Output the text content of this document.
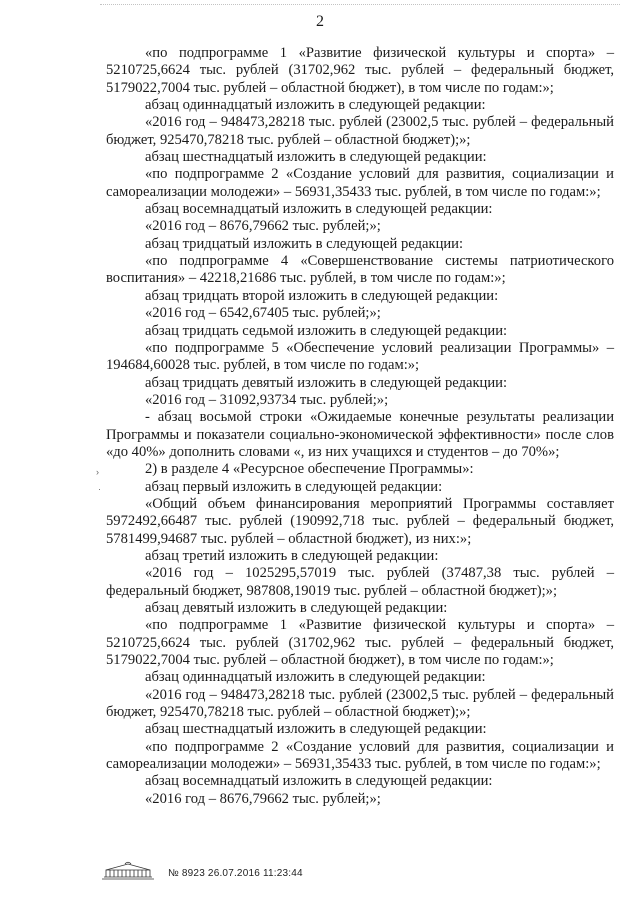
2
›
·

«по подпрограмме 1 «Развитие физической культуры и спорта» – 5210725,6624 тыс. рублей (31702,962 тыс. рублей – федеральный бюджет, 5179022,7004 тыс. рублей – областной бюджет), в том числе по годам:»;

абзац одиннадцатый изложить в следующей редакции:

«2016 год – 948473,28218 тыс. рублей (23002,5 тыс. рублей – федеральный бюджет, 925470,78218 тыс. рублей – областной бюджет);»;

абзац шестнадцатый изложить в следующей редакции:

«по подпрограмме 2 «Создание условий для развития, социализации и самореализации молодежи» – 56931,35433 тыс. рублей, в том числе по годам:»;

абзац восемнадцатый изложить в следующей редакции:

«2016 год – 8676,79662 тыс. рублей;»;

абзац тридцатый изложить в следующей редакции:

«по подпрограмме 4 «Совершенствование системы патриотического воспитания» – 42218,21686 тыс. рублей, в том числе по годам:»;

абзац тридцать второй изложить в следующей редакции:

«2016 год – 6542,67405 тыс. рублей;»;

абзац тридцать седьмой изложить в следующей редакции:

«по подпрограмме 5 «Обеспечение условий реализации Программы» – 194684,60028 тыс. рублей, в том числе по годам:»;

абзац тридцать девятый изложить в следующей редакции:

«2016 год – 31092,93734 тыс. рублей;»;

- абзац восьмой строки «Ожидаемые конечные результаты реализации Программы и показатели социально-экономической эффективности» после слов «до 40%» дополнить словами «, из них учащихся и студентов – до 70%»;

2) в разделе 4 «Ресурсное обеспечение Программы»:

абзац первый изложить в следующей редакции:

«Общий объем финансирования мероприятий Программы составляет 5972492,66487 тыс. рублей (190992,718 тыс. рублей – федеральный бюджет, 5781499,94687 тыс. рублей – областной бюджет), из них:»;

абзац третий изложить в следующей редакции:

«2016 год – 1025295,57019 тыс. рублей (37487,38 тыс. рублей – федеральный бюджет, 987808,19019 тыс. рублей – областной бюджет);»;

абзац девятый изложить в следующей редакции:

«по подпрограмме 1 «Развитие физической культуры и спорта» – 5210725,6624 тыс. рублей (31702,962 тыс. рублей – федеральный бюджет, 5179022,7004 тыс. рублей – областной бюджет), в том числе по годам:»;

абзац одиннадцатый изложить в следующей редакции:

«2016 год – 948473,28218 тыс. рублей (23002,5 тыс. рублей – федеральный бюджет, 925470,78218 тыс. рублей – областной бюджет);»;

абзац шестнадцатый изложить в следующей редакции:

«по подпрограмме 2 «Создание условий для развития, социализации и самореализации молодежи» – 56931,35433 тыс. рублей, в том числе по годам:»;

абзац восемнадцатый изложить в следующей редакции:

«2016 год – 8676,79662 тыс. рублей;»;

№ 8923 26.07.2016 11:23:44
